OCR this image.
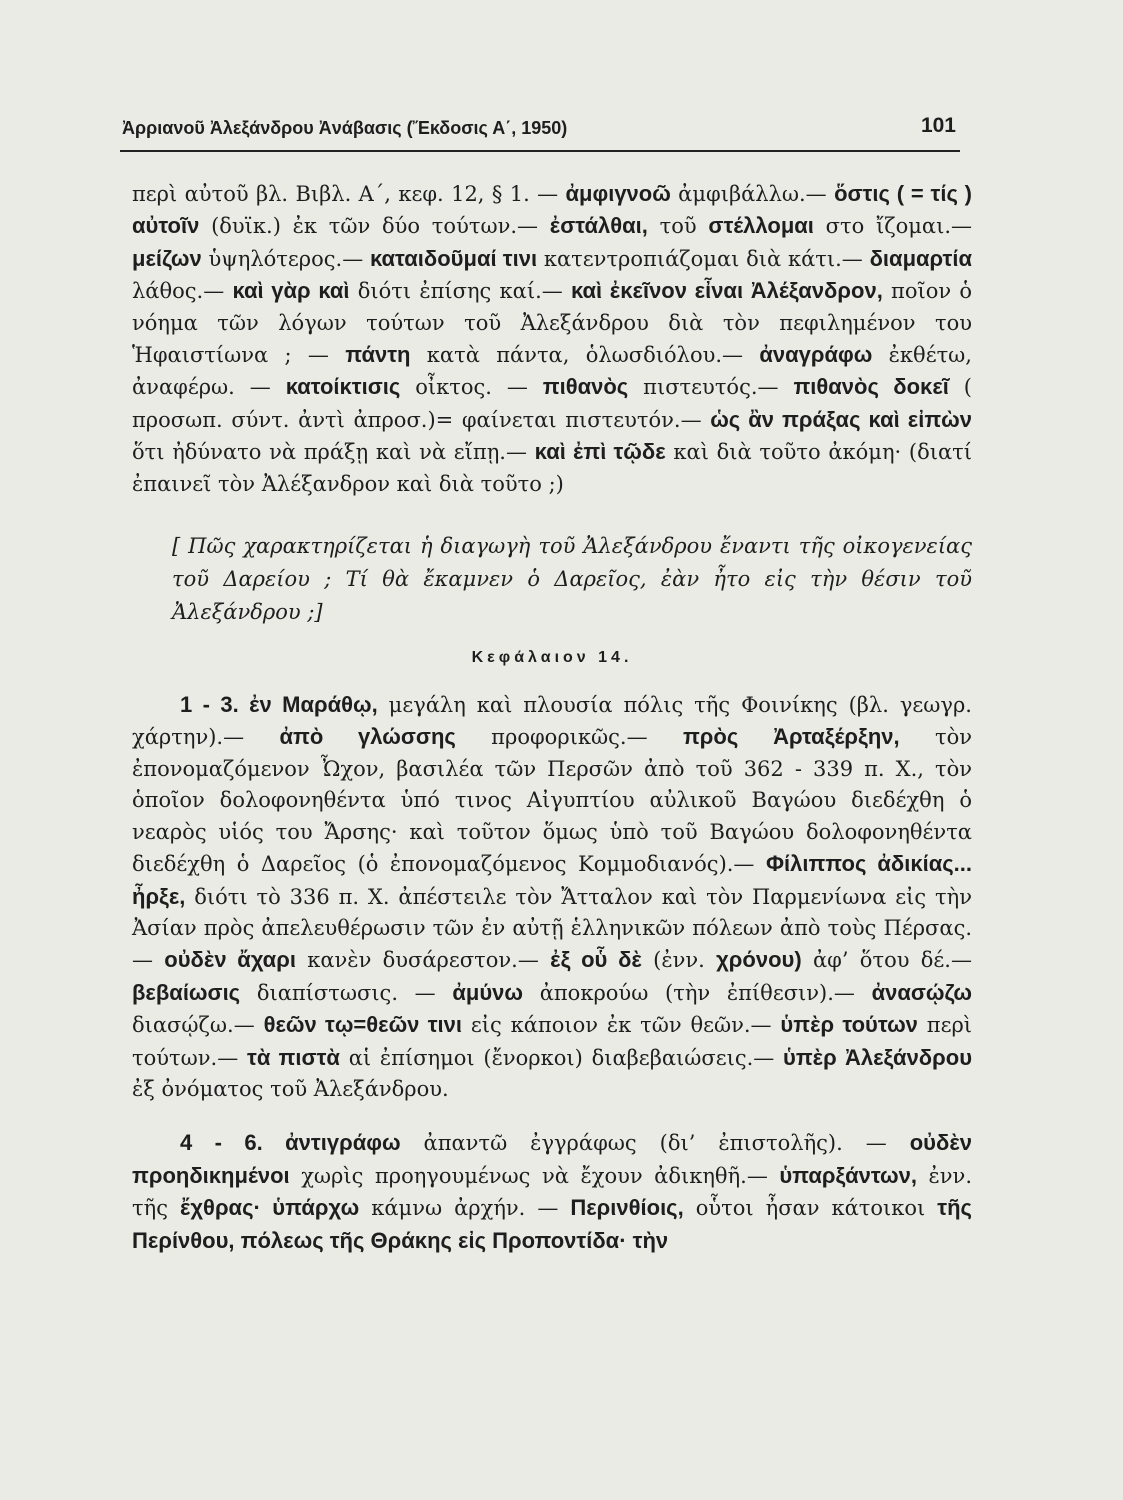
Ἀρριανοῦ Ἀλεξάνδρου Ἀνάβασις (Ἔκδοσις Α΄, 1950)	101

περὶ αὐτοῦ βλ. Βιβλ. Α΄, κεφ. 12, § 1. — ἀμφιγνοῶ ἀμφιβάλλω.— ὅστις ( = τίς ) αὐτοῖν (δυϊκ.) ἐκ τῶν δύο τούτων.— ἐστάλθαι, τοῦ στέλλομαι στο ἴζομαι.— μείζων ὑψηλότερος.— καταιδοῦμαί τινι κατεντροπιάζομαι διὰ κάτι.— διαμαρτία λάθος.— καὶ γὰρ καὶ διότι ἐπίσης καί.— καὶ ἐκεῖνον εἶναι Ἀλέξανδρον, ποῖον ὁ νόημα τῶν λόγων τούτων τοῦ Ἀλεξάνδρου διὰ τὸν πεφιλημένον του Ἡφαιστίωνα ; — πάντη κατὰ πάντα, ὁλωσδιόλου.— ἀναγράφω ἐκθέτω, ἀναφέρω. — κατοίκτισις οἶκτος. — πιθανὸς πιστευτός.— πιθανὸς δοκεῖ ( προσωπ. σύντ. ἀντὶ ἀπροσ.)= φαίνεται πιστευτόν.— ὡς ἂν πράξας καὶ εἰπὼν ὅτι ἠδύνατο νὰ πράξῃ καὶ νὰ εἴπῃ.— καὶ ἐπὶ τῷδε καὶ διὰ τοῦτο ἀκόμη· (διατί ἐπαινεῖ τὸν Ἀλέξανδρον καὶ διὰ τοῦτο ;)

[ Πῶς χαρακτηρίζεται ἡ διαγωγὴ τοῦ Ἀλεξάνδρου ἔναντι τῆς οἰκογενείας τοῦ Δαρείου ; Τί θὰ ἔκαμνεν ὁ Δαρεῖος, ἐὰν ἦτο εἰς τὴν θέσιν τοῦ Ἀλεξάνδρου ;]

Κεφάλαιον 14.

1 - 3. ἐν Μαράθῳ, μεγάλη καὶ πλουσία πόλις τῆς Φοινίκης (βλ. γεωγρ. χάρτην).— ἀπὸ γλώσσης προφορικῶς.— πρὸς Ἀρταξέρξην, τὸν ἐπονομαζόμενον Ὦχον, βασιλέα τῶν Περσῶν ἀπὸ τοῦ 362 - 339 π. Χ., τὸν ὁποῖον δολοφονηθέντα ὑπό τινος Αἰγυπτίου αὐλικοῦ Βαγώου διεδέχθη ὁ νεαρὸς υἱός του Ἄρσης· καὶ τοῦτον ὅμως ὑπὸ τοῦ Βαγώου δολοφονηθέντα διεδέχθη ὁ Δαρεῖος (ὁ ἐπονομαζόμενος Κομμοδιανός).— Φίλιππος ἀδικίας... ἦρξε, διότι τὸ 336 π. Χ. ἀπέστειλε τὸν Ἄτταλον καὶ τὸν Παρμενίωνα εἰς τὴν Ἀσίαν πρὸς ἀπελευθέρωσιν τῶν ἐν αὐτῇ ἑλληνικῶν πόλεων ἀπὸ τοὺς Πέρσας.— οὐδὲν ἄχαρι κανὲν δυσάρεστον.— ἐξ οὗ δὲ (ἐνν. χρόνου) ἀφ’ ὅτου δέ.— βεβαίωσις διαπίστωσις. — ἀμύνω ἀποκρούω (τὴν ἐπίθεσιν).— ἀνασῴζω διασῴζω.— θεῶν τῳ=θεῶν τινι εἰς κάποιον ἐκ τῶν θεῶν.— ὑπὲρ τούτων περὶ τούτων.— τὰ πιστὰ αἱ ἐπίσημοι (ἔνορκοι) διαβεβαιώσεις.— ὑπὲρ Ἀλεξάνδρου ἐξ ὀνόματος τοῦ Ἀλεξάνδρου.

4 - 6. ἀντιγράφω ἀπαντῶ ἐγγράφως (δι’ ἐπιστολῆς). — οὐδὲν προηδικημένοι χωρὶς προηγουμένως νὰ ἔχουν ἀδικηθῆ.— ὑπαρξάντων, ἐνν. τῆς ἔχθρας· ὑπάρχω κάμνω ἀρχήν. — Περινθίοις, οὗτοι ἦσαν κάτοικοι τῆς Περίνθου, πόλεως τῆς Θράκης εἰς Προποντίδα· τὴν
